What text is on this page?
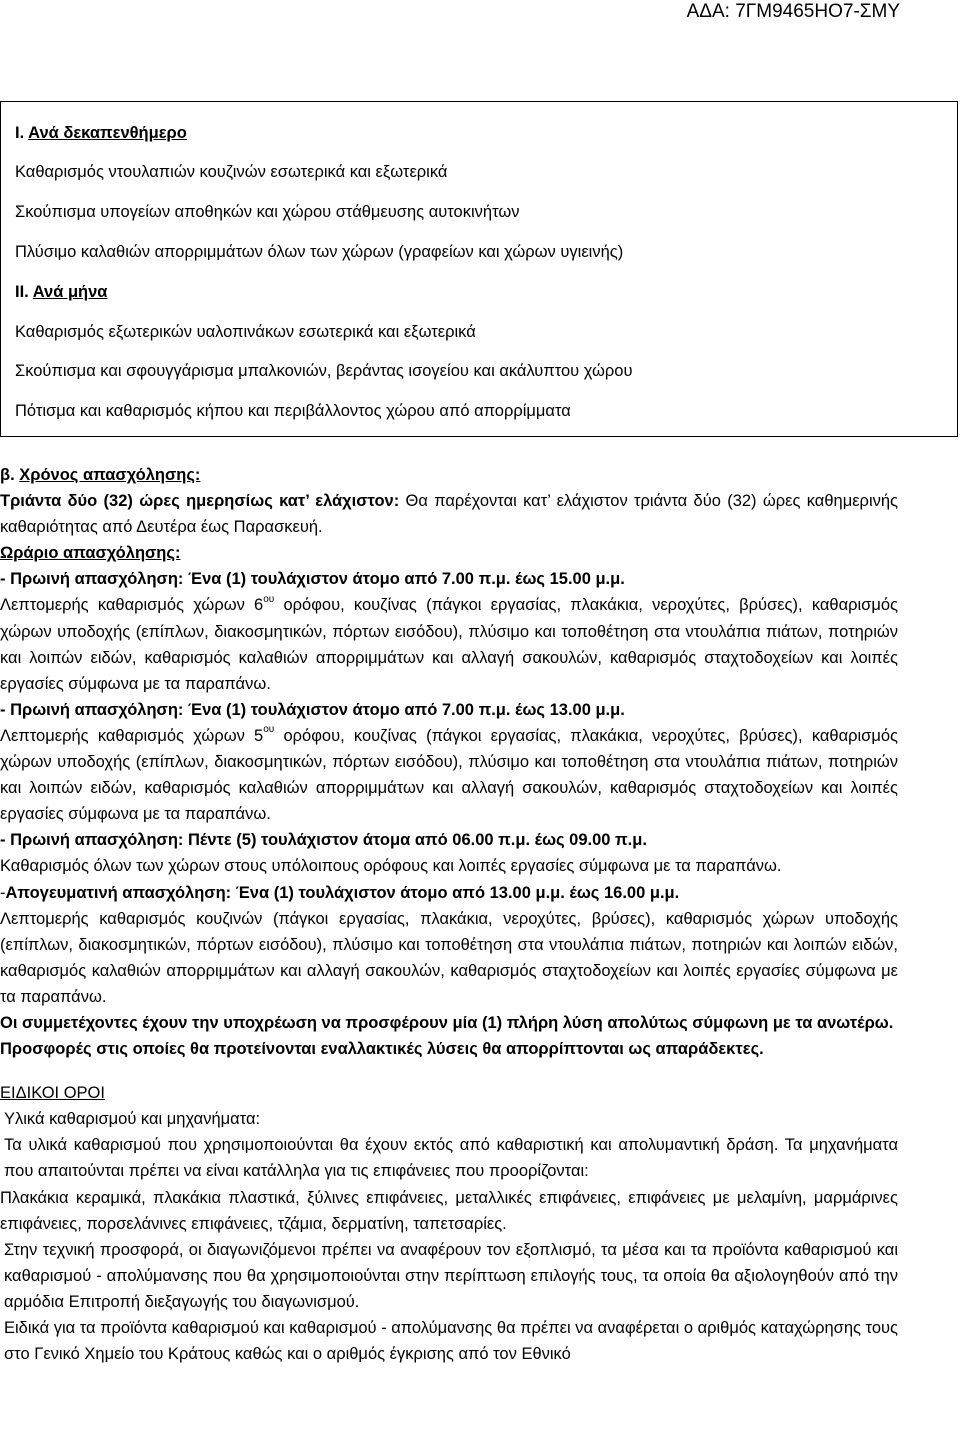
ΑΔΑ: 7ΓΜ9465ΗΟ7-ΣΜΥ
Ι. Ανά δεκαπενθήμερο
Καθαρισμός ντουλαπιών κουζινών εσωτερικά και εξωτερικά
Σκούπισμα υπογείων αποθηκών και χώρου στάθμευσης αυτοκινήτων
Πλύσιμο καλαθιών απορριμμάτων όλων των χώρων (γραφείων και χώρων υγιεινής)
ΙΙ. Ανά μήνα
Καθαρισμός εξωτερικών υαλοπινάκων εσωτερικά και εξωτερικά
Σκούπισμα και σφουγγάρισμα μπαλκονιών, βεράντας ισογείου και ακάλυπτου χώρου
Πότισμα και καθαρισμός κήπου και περιβάλλοντος χώρου από απορρίμματα

β. Χρόνος απασχόλησης:

Τριάντα δύο (32) ώρες ημερησίως κατ’ ελάχιστον: Θα παρέχονται κατ’ ελάχιστον τριάντα δύο (32) ώρες καθημερινής καθαριότητας από Δευτέρα έως Παρασκευή.

Ωράριο απασχόλησης:

- Πρωινή απασχόληση: Ένα (1) τουλάχιστον άτομο από 7.00 π.μ. έως 15.00 μ.μ.

Λεπτομερής καθαρισμός χώρων $6^{o\upsilon}$ ορόφου, κουζίνας (πάγκοι εργασίας, πλακάκια, νεροχύτες, βρύσες), καθαρισμός χώρων υποδοχής (επίπλων, διακοσμητικών, πόρτων εισόδου), πλύσιμο και τοποθέτηση στα ντουλάπια πιάτων, ποτηριών και λοιπών ειδών, καθαρισμός καλαθιών απορριμμάτων και αλλαγή σακουλών, καθαρισμός σταχτοδοχείων και λοιπές εργασίες σύμφωνα με τα παραπάνω.

- Πρωινή απασχόληση: Ένα (1) τουλάχιστον άτομο από 7.00 π.μ. έως 13.00 μ.μ.

Λεπτομερής καθαρισμός χώρων $5^{o\upsilon}$ ορόφου, κουζίνας (πάγκοι εργασίας, πλακάκια, νεροχύτες, βρύσες), καθαρισμός χώρων υποδοχής (επίπλων, διακοσμητικών, πόρτων εισόδου), πλύσιμο και τοποθέτηση στα ντουλάπια πιάτων, ποτηριών και λοιπών ειδών, καθαρισμός καλαθιών απορριμμάτων και αλλαγή σακουλών, καθαρισμός σταχτοδοχείων και λοιπές εργασίες σύμφωνα με τα παραπάνω.

- Πρωινή απασχόληση: Πέντε (5) τουλάχιστον άτομα από 06.00 π.μ. έως 09.00 π.μ.

Καθαρισμός όλων των χώρων στους υπόλοιπους ορόφους και λοιπές εργασίες σύμφωνα με τα παραπάνω.

-Απογευματινή απασχόληση: Ένα (1) τουλάχιστον άτομο από 13.00 μ.μ. έως 16.00 μ.μ.

Λεπτομερής καθαρισμός κουζινών (πάγκοι εργασίας, πλακάκια, νεροχύτες, βρύσες), καθαρισμός χώρων υποδοχής (επίπλων, διακοσμητικών, πόρτων εισόδου), πλύσιμο και τοποθέτηση στα ντουλάπια πιάτων, ποτηριών και λοιπών ειδών, καθαρισμός καλαθιών απορριμμάτων και αλλαγή σακουλών, καθαρισμός σταχτοδοχείων και λοιπές εργασίες σύμφωνα με τα παραπάνω.

Οι συμμετέχοντες έχουν την υποχρέωση να προσφέρουν μία (1) πλήρη λύση απολύτως σύμφωνη με τα ανωτέρω.

Προσφορές στις οποίες θα προτείνονται εναλλακτικές λύσεις θα απορρίπτονται ως απαράδεκτες.

ΕΙΔΙΚΟΙ ΟΡΟΙ

Υλικά καθαρισμού και μηχανήματα:

Τα υλικά καθαρισμού που χρησιμοποιούνται θα έχουν εκτός από καθαριστική και απολυμαντική δράση. Τα μηχανήματα που απαιτούνται πρέπει να είναι κατάλληλα για τις επιφάνειες που προορίζονται:

Πλακάκια κεραμικά, πλακάκια πλαστικά, ξύλινες επιφάνειες, μεταλλικές επιφάνειες, επιφάνειες με μελαμίνη, μαρμάρινες επιφάνειες, πορσελάνινες επιφάνειες, τζάμια, δερματίνη, ταπετσαρίες.

Στην τεχνική προσφορά, οι διαγωνιζόμενοι πρέπει να αναφέρουν τον εξοπλισμό, τα μέσα και τα προϊόντα καθαρισμού και καθαρισμού - απολύμανσης που θα χρησιμοποιούνται στην περίπτωση επιλογής τους, τα οποία θα αξιολογηθούν από την αρμόδια Επιτροπή διεξαγωγής του διαγωνισμού.

Ειδικά για τα προϊόντα καθαρισμού και καθαρισμού - απολύμανσης θα πρέπει να αναφέρεται ο αριθμός καταχώρησης τους στο Γενικό Χημείο του Κράτους καθώς και ο αριθμός έγκρισης από τον Εθνικό
